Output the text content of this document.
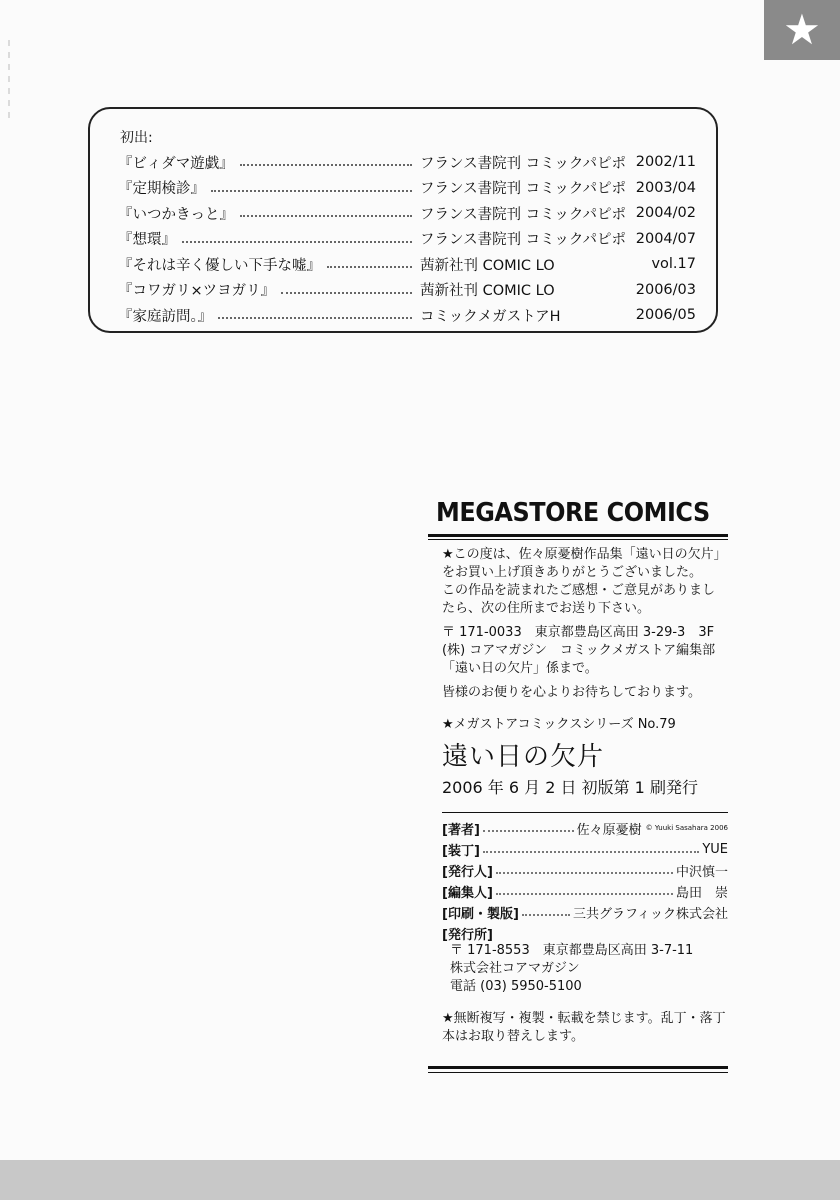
★
初出:
『ビィダマ遊戯』	フランス書院刊 コミックパピポ 2002/11
『定期検診』	フランス書院刊 コミックパピポ 2003/04
『いつかきっと』	フランス書院刊 コミックパピポ 2004/02
『想環』	フランス書院刊 コミックパピポ 2004/07
『それは辛く優しい下手な嘘』	茜新社刊 COMIC LO	vol.17
『コワガリ×ツヨガリ』	茜新社刊 COMIC LO	2006/03
『家庭訪問。』	コミックメガストアH	2006/05
MEGASTORE COMICS
★この度は、佐々原憂樹作品集「遠い日の欠片」
をお買い上げ頂きありがとうございました。
この作品を読まれたご感想・ご意見がありまし
たら、次の住所までお送り下さい。
〒 171-0033　東京都豊島区高田 3-29-3　3F
(株) コアマガジン　コミックメガストア編集部
「遠い日の欠片」係まで。
皆様のお便りを心よりお待ちしております。
★メガストアコミックスシリーズ No.79
遠い日の欠片
2006 年 6 月 2 日 初版第 1 刷発行
[著者]	佐々原憂樹 © Yuuki Sasahara 2006
[装丁]	YUE
[発行人]	中沢慎一
[編集人]	島田　崇
[印刷・製版]	三共グラフィック株式会社
[発行所]
〒 171-8553　東京都豊島区高田 3-7-11
株式会社コアマガジン
電話 (03) 5950-5100
★無断複写・複製・転載を禁じます。乱丁・落丁
本はお取り替えします。
